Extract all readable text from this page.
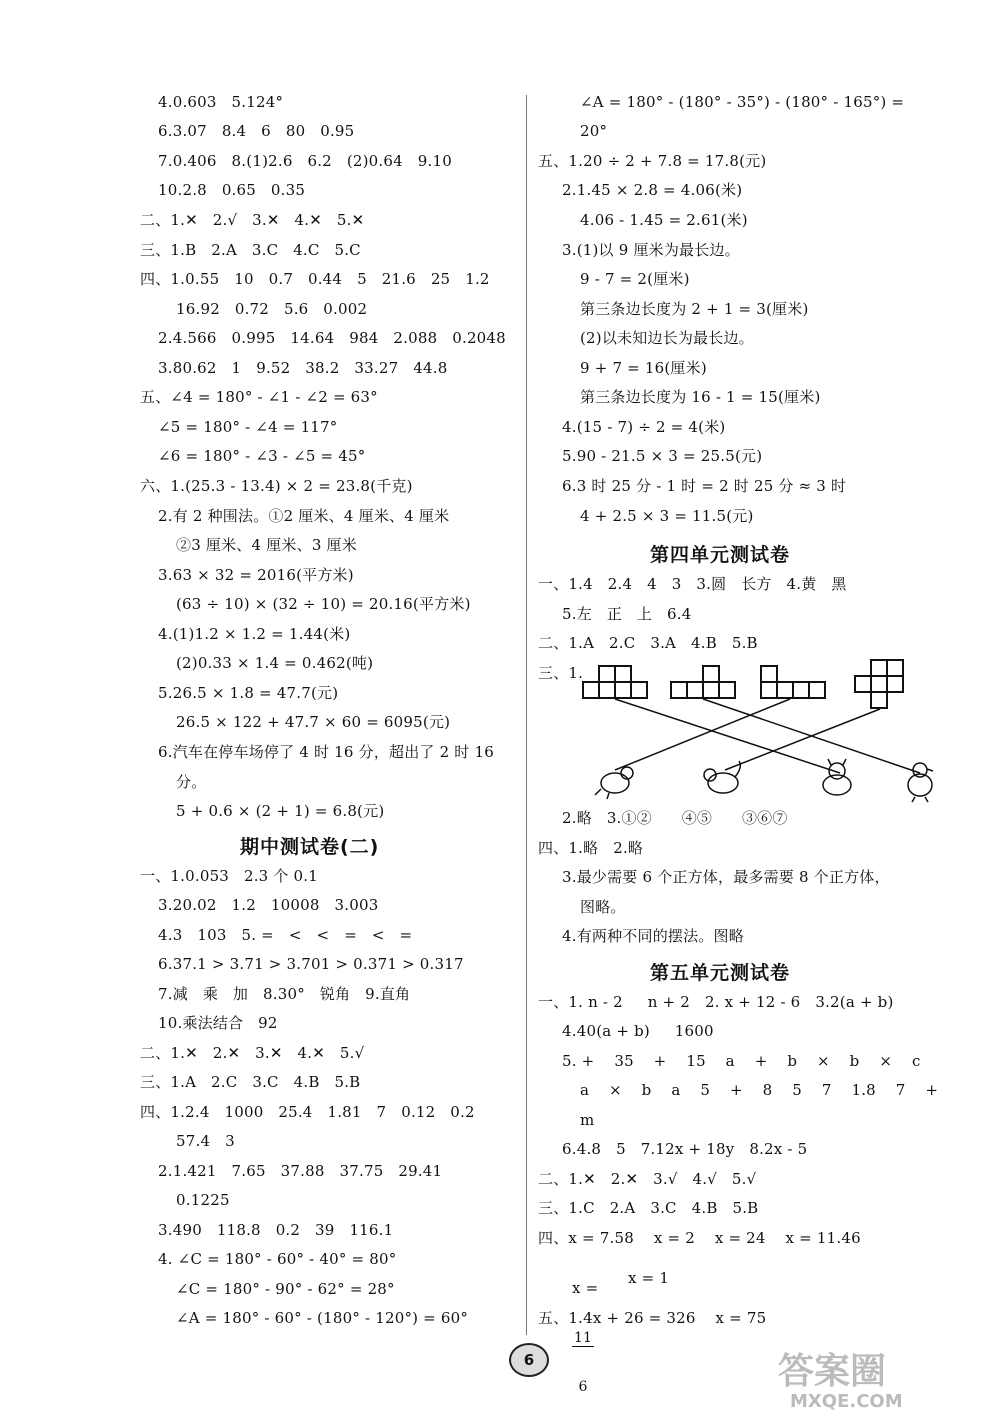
4.0.603   5.124°
6.3.07   8.4   6   80   0.95
7.0.406   8.(1)2.6   6.2   (2)0.64   9.10
10.2.8   0.65   0.35
二、1.✕   2.√   3.✕   4.✕   5.✕
三、1.B   2.A   3.C   4.C   5.C
四、1.0.55   10   0.7   0.44   5   21.6   25   1.2
16.92   0.72   5.6   0.002
2.4.566   0.995   14.64   984   2.088   0.2048
3.80.62   1   9.52   38.2   33.27   44.8
五、∠4 = 180° - ∠1 - ∠2 = 63°
∠5 = 180° - ∠4 = 117°
∠6 = 180° - ∠3 - ∠5 = 45°
六、1.(25.3 - 13.4) × 2 = 23.8(千克)
2.有 2 种围法。①2 厘米、4 厘米、4 厘米
②3 厘米、4 厘米、3 厘米
3.63 × 32 = 2016(平方米)
(63 ÷ 10) × (32 ÷ 10) = 20.16(平方米)
4.(1)1.2 × 1.2 = 1.44(米)
(2)0.33 × 1.4 = 0.462(吨)
5.26.5 × 1.8 = 47.7(元)
26.5 × 122 + 47.7 × 60 = 6095(元)
6.汽车在停车场停了 4 时 16 分，超出了 2 时 16
分。
5 + 0.6 × (2 + 1) = 6.8(元)
一、1.0.053   2.3 个 0.1
3.20.02   1.2   10008   3.003
4.3   103   5. =   <   <   =   <   =
6.37.1 > 3.71 > 3.701 > 0.371 > 0.317
7.减   乘   加   8.30°   锐角   9.直角
10.乘法结合   92
二、1.✕   2.✕   3.✕   4.✕   5.√
三、1.A   2.C   3.C   4.B   5.B
四、1.2.4   1000   25.4   1.81   7   0.12   0.2
57.4   3
2.1.421   7.65   37.88   37.75   29.41
0.1225
3.490   118.8   0.2   39   116.1
4. ∠C = 180° - 60° - 40° = 80°
∠C = 180° - 90° - 62° = 28°
∠A = 180° - 60° - (180° - 120°) = 60°
∠A = 180° - (180° - 35°) - (180° - 165°) =
20°
五、1.20 ÷ 2 + 7.8 = 17.8(元)
2.1.45 × 2.8 = 4.06(米)
4.06 - 1.45 = 2.61(米)
3.(1)以 9 厘米为最长边。
9 - 7 = 2(厘米)
第三条边长度为 2 + 1 = 3(厘米)
(2)以未知边长为最长边。
9 + 7 = 16(厘米)
第三条边长度为 16 - 1 = 15(厘米)
4.(15 - 7) ÷ 2 = 4(米)
5.90 - 21.5 × 3 = 25.5(元)
6.3 时 25 分 - 1 时 = 2 时 25 分 ≈ 3 时
4 + 2.5 × 3 = 11.5(元)
一、1.4   2.4   4   3   3.圆   长方   4.黄   黑
5.左   正   上   6.4
二、1.A   2.C   3.A   4.B   5.B
三、1.
2.略   3.①②      ④⑤      ③⑥⑦
四、1.略   2.略
3.最少需要 6 个正方体，最多需要 8 个正方体，
图略。
4.有两种不同的摆法。图略
一、1. n - 2     n + 2   2. x + 12 - 6   3.2(a + b)
4.40(a + b)     1600
5. +    35    +    15    a    +    b    ×    b    ×    c
a    ×    b    a    5    +    8    5    7    1.8    7    +
m
6.4.8   5   7.12x + 18y   8.2x - 5
二、1.✕   2.✕   3.√   4.√   5.√
三、1.C   2.A   3.C   4.B   5.B
四、x = 7.58    x = 2    x = 24    x = 11.46
x = 1
五、1.4x + 26 = 326    x = 75
期中测试卷(二)
第四单元测试卷
第五单元测试卷

x =

$\frac{11}{6}$

6	答案圈
MXQE.COM
